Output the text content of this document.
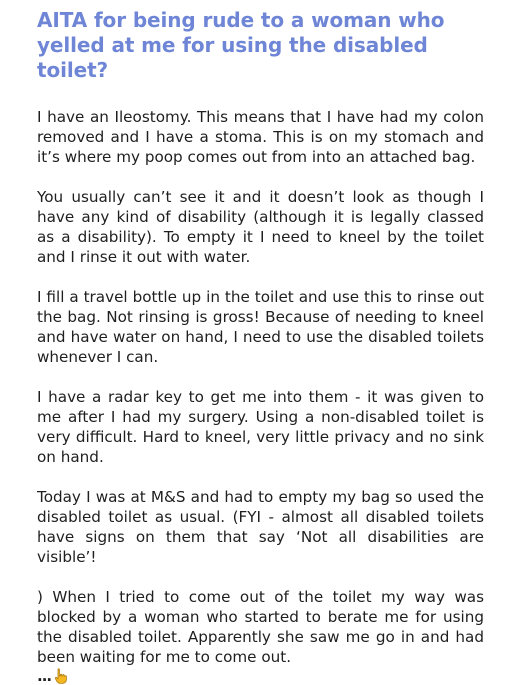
AITA for being rude to a woman who yelled at me for using the disabled toilet?

I have an Ileostomy. This means that I have had my colon removed and I have a stoma. This is on my stomach and it’s where my poop comes out from into an attached bag.

You usually can’t see it and it doesn’t look as though I have any kind of disability (although it is legally classed as a disability). To empty it I need to kneel by the toilet and I rinse it out with water.

I fill a travel bottle up in the toilet and use this to rinse out the bag. Not rinsing is gross! Because of needing to kneel and have water on hand, I need to use the disabled toilets whenever I can.

I have a radar key to get me into them - it was given to me after I had my surgery. Using a non-disabled toilet is very difficult. Hard to kneel, very little privacy and no sink on hand.

Today I was at M&S and had to empty my bag so used the disabled toilet as usual. (FYI - almost all disabled toilets have signs on them that say ‘Not all disabilities are visible’!

) When I tried to come out of the toilet my way was blocked by a woman who started to berate me for using the disabled toilet. Apparently she saw me go in and had been waiting for me to come out.

...
